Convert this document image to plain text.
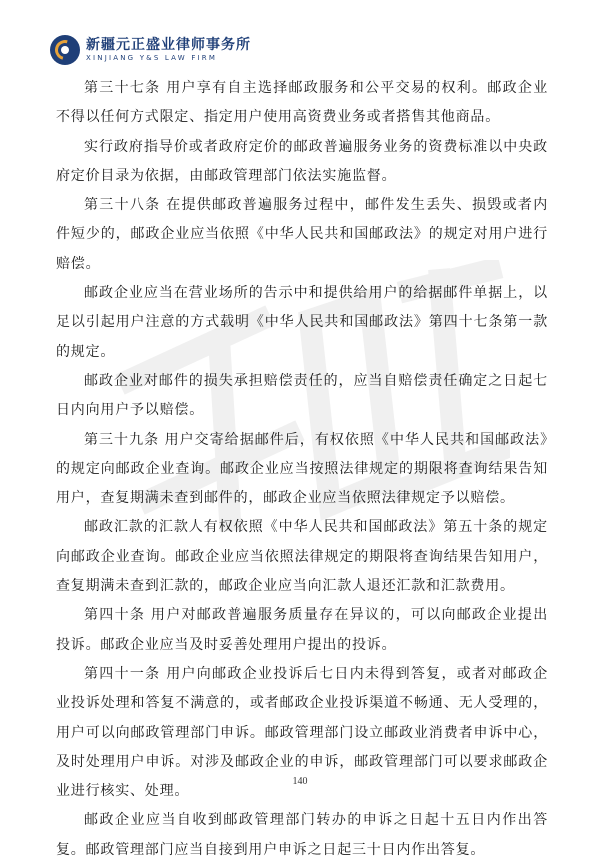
新疆元正盛业律师事务所
XINJIANG Y&S LAW FIRM

第三十七条 用户享有自主选择邮政服务和公平交易的权利。邮政企业不得以任何方式限定、指定用户使用高资费业务或者搭售其他商品。

实行政府指导价或者政府定价的邮政普遍服务业务的资费标准以中央政府定价目录为依据，由邮政管理部门依法实施监督。

第三十八条 在提供邮政普遍服务过程中，邮件发生丢失、损毁或者内件短少的，邮政企业应当依照《中华人民共和国邮政法》的规定对用户进行赔偿。

邮政企业应当在营业场所的告示中和提供给用户的给据邮件单据上，以足以引起用户注意的方式载明《中华人民共和国邮政法》第四十七条第一款的规定。

邮政企业对邮件的损失承担赔偿责任的，应当自赔偿责任确定之日起七日内向用户予以赔偿。

第三十九条 用户交寄给据邮件后，有权依照《中华人民共和国邮政法》的规定向邮政企业查询。邮政企业应当按照法律规定的期限将查询结果告知用户，查复期满未查到邮件的，邮政企业应当依照法律规定予以赔偿。

邮政汇款的汇款人有权依照《中华人民共和国邮政法》第五十条的规定向邮政企业查询。邮政企业应当依照法律规定的期限将查询结果告知用户，查复期满未查到汇款的，邮政企业应当向汇款人退还汇款和汇款费用。

第四十条 用户对邮政普遍服务质量存在异议的，可以向邮政企业提出投诉。邮政企业应当及时妥善处理用户提出的投诉。

第四十一条 用户向邮政企业投诉后七日内未得到答复，或者对邮政企业投诉处理和答复不满意的，或者邮政企业投诉渠道不畅通、无人受理的，用户可以向邮政管理部门申诉。邮政管理部门设立邮政业消费者申诉中心，及时处理用户申诉。对涉及邮政企业的申诉，邮政管理部门可以要求邮政企业进行核实、处理。

邮政企业应当自收到邮政管理部门转办的申诉之日起十五日内作出答复。邮政管理部门应当自接到用户申诉之日起三十日内作出答复。

140
